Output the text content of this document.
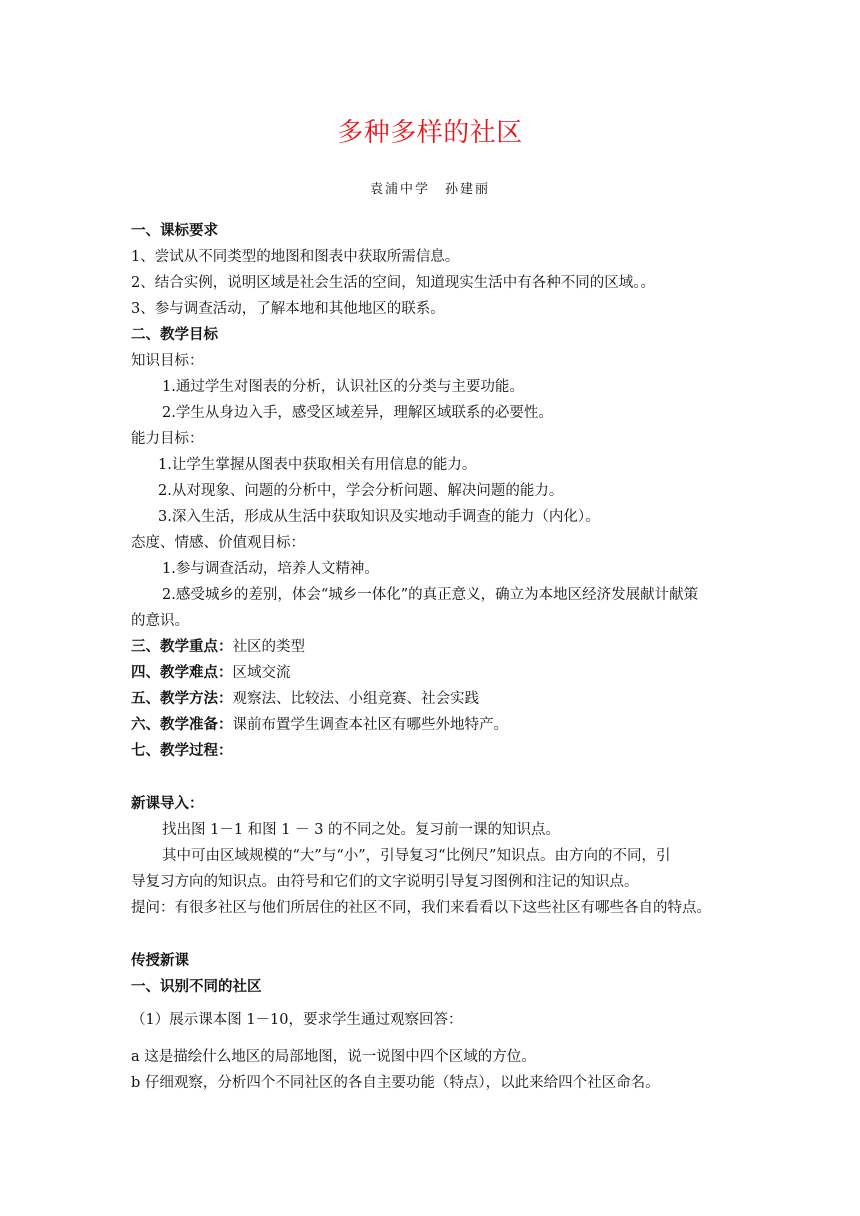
多种多样的社区
袁浦中学　孙建丽
一、课标要求
1、尝试从不同类型的地图和图表中获取所需信息。
2、结合实例，说明区域是社会生活的空间，知道现实生活中有各种不同的区域。。
3、参与调查活动，了解本地和其他地区的联系。
二、教学目标
知识目标：
1.通过学生对图表的分析，认识社区的分类与主要功能。
2.学生从身边入手，感受区域差异，理解区域联系的必要性。
能力目标：
1.让学生掌握从图表中获取相关有用信息的能力。
2.从对现象、问题的分析中，学会分析问题、解决问题的能力。
3.深入生活，形成从生活中获取知识及实地动手调查的能力（内化）。
态度、情感、价值观目标：
1.参与调查活动，培养人文精神。
2.感受城乡的差别，体会“城乡一体化”的真正意义，确立为本地区经济发展献计献策
的意识。
三、教学重点：社区的类型
四、教学难点：区域交流
五、教学方法：观察法、比较法、小组竞赛、社会实践
六、教学准备：课前布置学生调查本社区有哪些外地特产。
七、教学过程：
新课导入：
找出图 1－1 和图 1 － 3 的不同之处。复习前一课的知识点。
其中可由区域规模的“大”与“小”，引导复习“比例尺”知识点。由方向的不同，引
导复习方向的知识点。由符号和它们的文字说明引导复习图例和注记的知识点。
提问：有很多社区与他们所居住的社区不同，我们来看看以下这些社区有哪些各自的特点。
传授新课
一、识别不同的社区
（1）展示课本图 1－10，要求学生通过观察回答：
a 这是描绘什么地区的局部地图，说一说图中四个区域的方位。
b 仔细观察，分析四个不同社区的各自主要功能（特点），以此来给四个社区命名。
